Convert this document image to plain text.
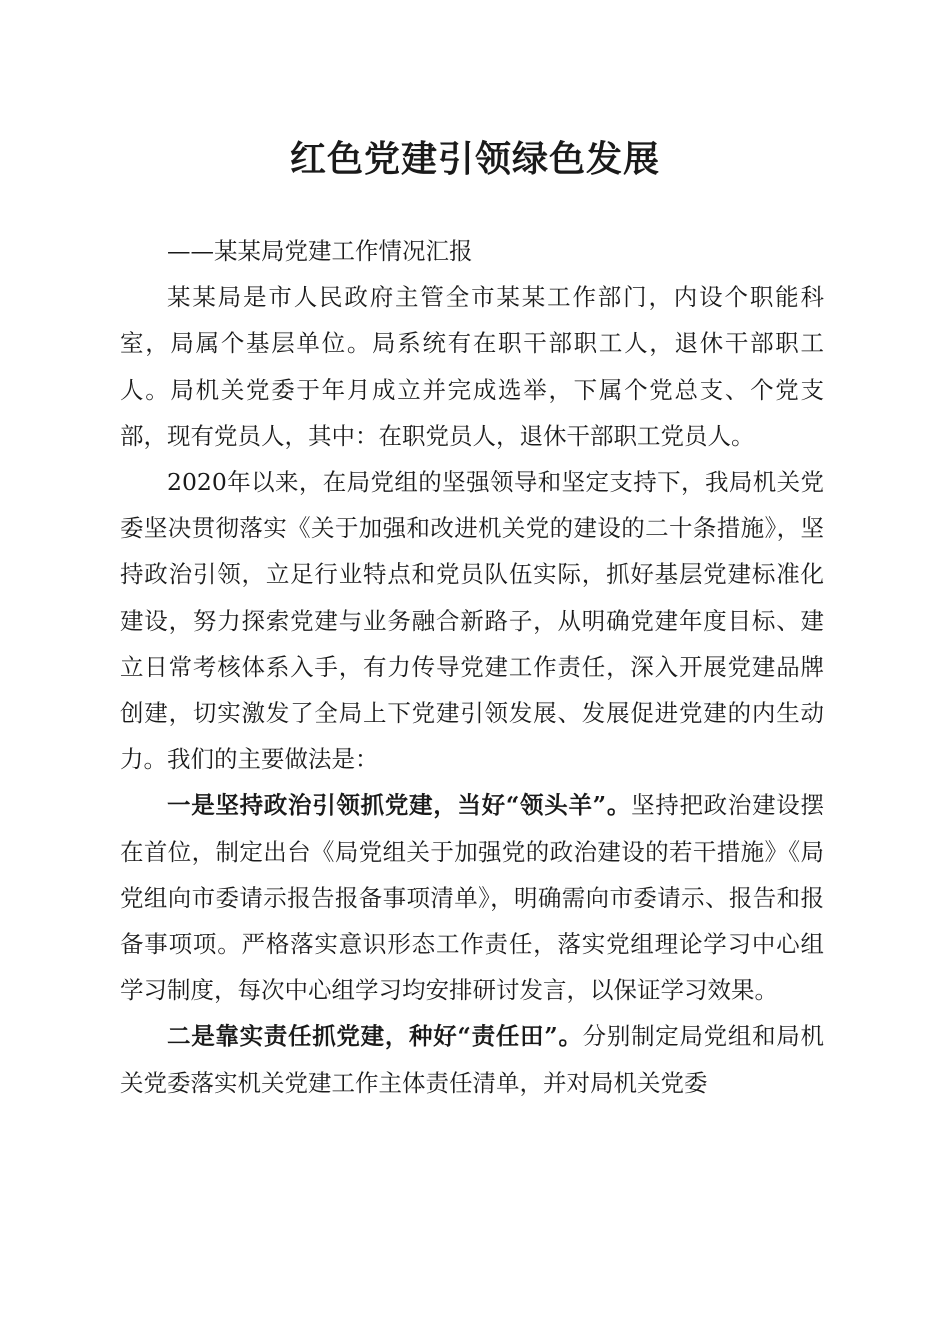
红色党建引领绿色发展

——某某局党建工作情况汇报

某某局是市人民政府主管全市某某工作部门，内设个职能科室，局属个基层单位。局系统有在职干部职工人，退休干部职工人。局机关党委于年月成立并完成选举，下属个党总支、个党支部，现有党员人，其中：在职党员人，退休干部职工党员人。

2020年以来，在局党组的坚强领导和坚定支持下，我局机关党委坚决贯彻落实《关于加强和改进机关党的建设的二十条措施》，坚持政治引领，立足行业特点和党员队伍实际，抓好基层党建标准化建设，努力探索党建与业务融合新路子，从明确党建年度目标、建立日常考核体系入手，有力传导党建工作责任，深入开展党建品牌创建，切实激发了全局上下党建引领发展、发展促进党建的内生动力。我们的主要做法是：

一是坚持政治引领抓党建，当好“领头羊”。坚持把政治建设摆在首位，制定出台《局党组关于加强党的政治建设的若干措施》《局党组向市委请示报告报备事项清单》，明确需向市委请示、报告和报备事项项。严格落实意识形态工作责任，落实党组理论学习中心组学习制度，每次中心组学习均安排研讨发言，以保证学习效果。

二是靠实责任抓党建，种好“责任田”。分别制定局党组和局机关党委落实机关党建工作主体责任清单，并对局机关党委
